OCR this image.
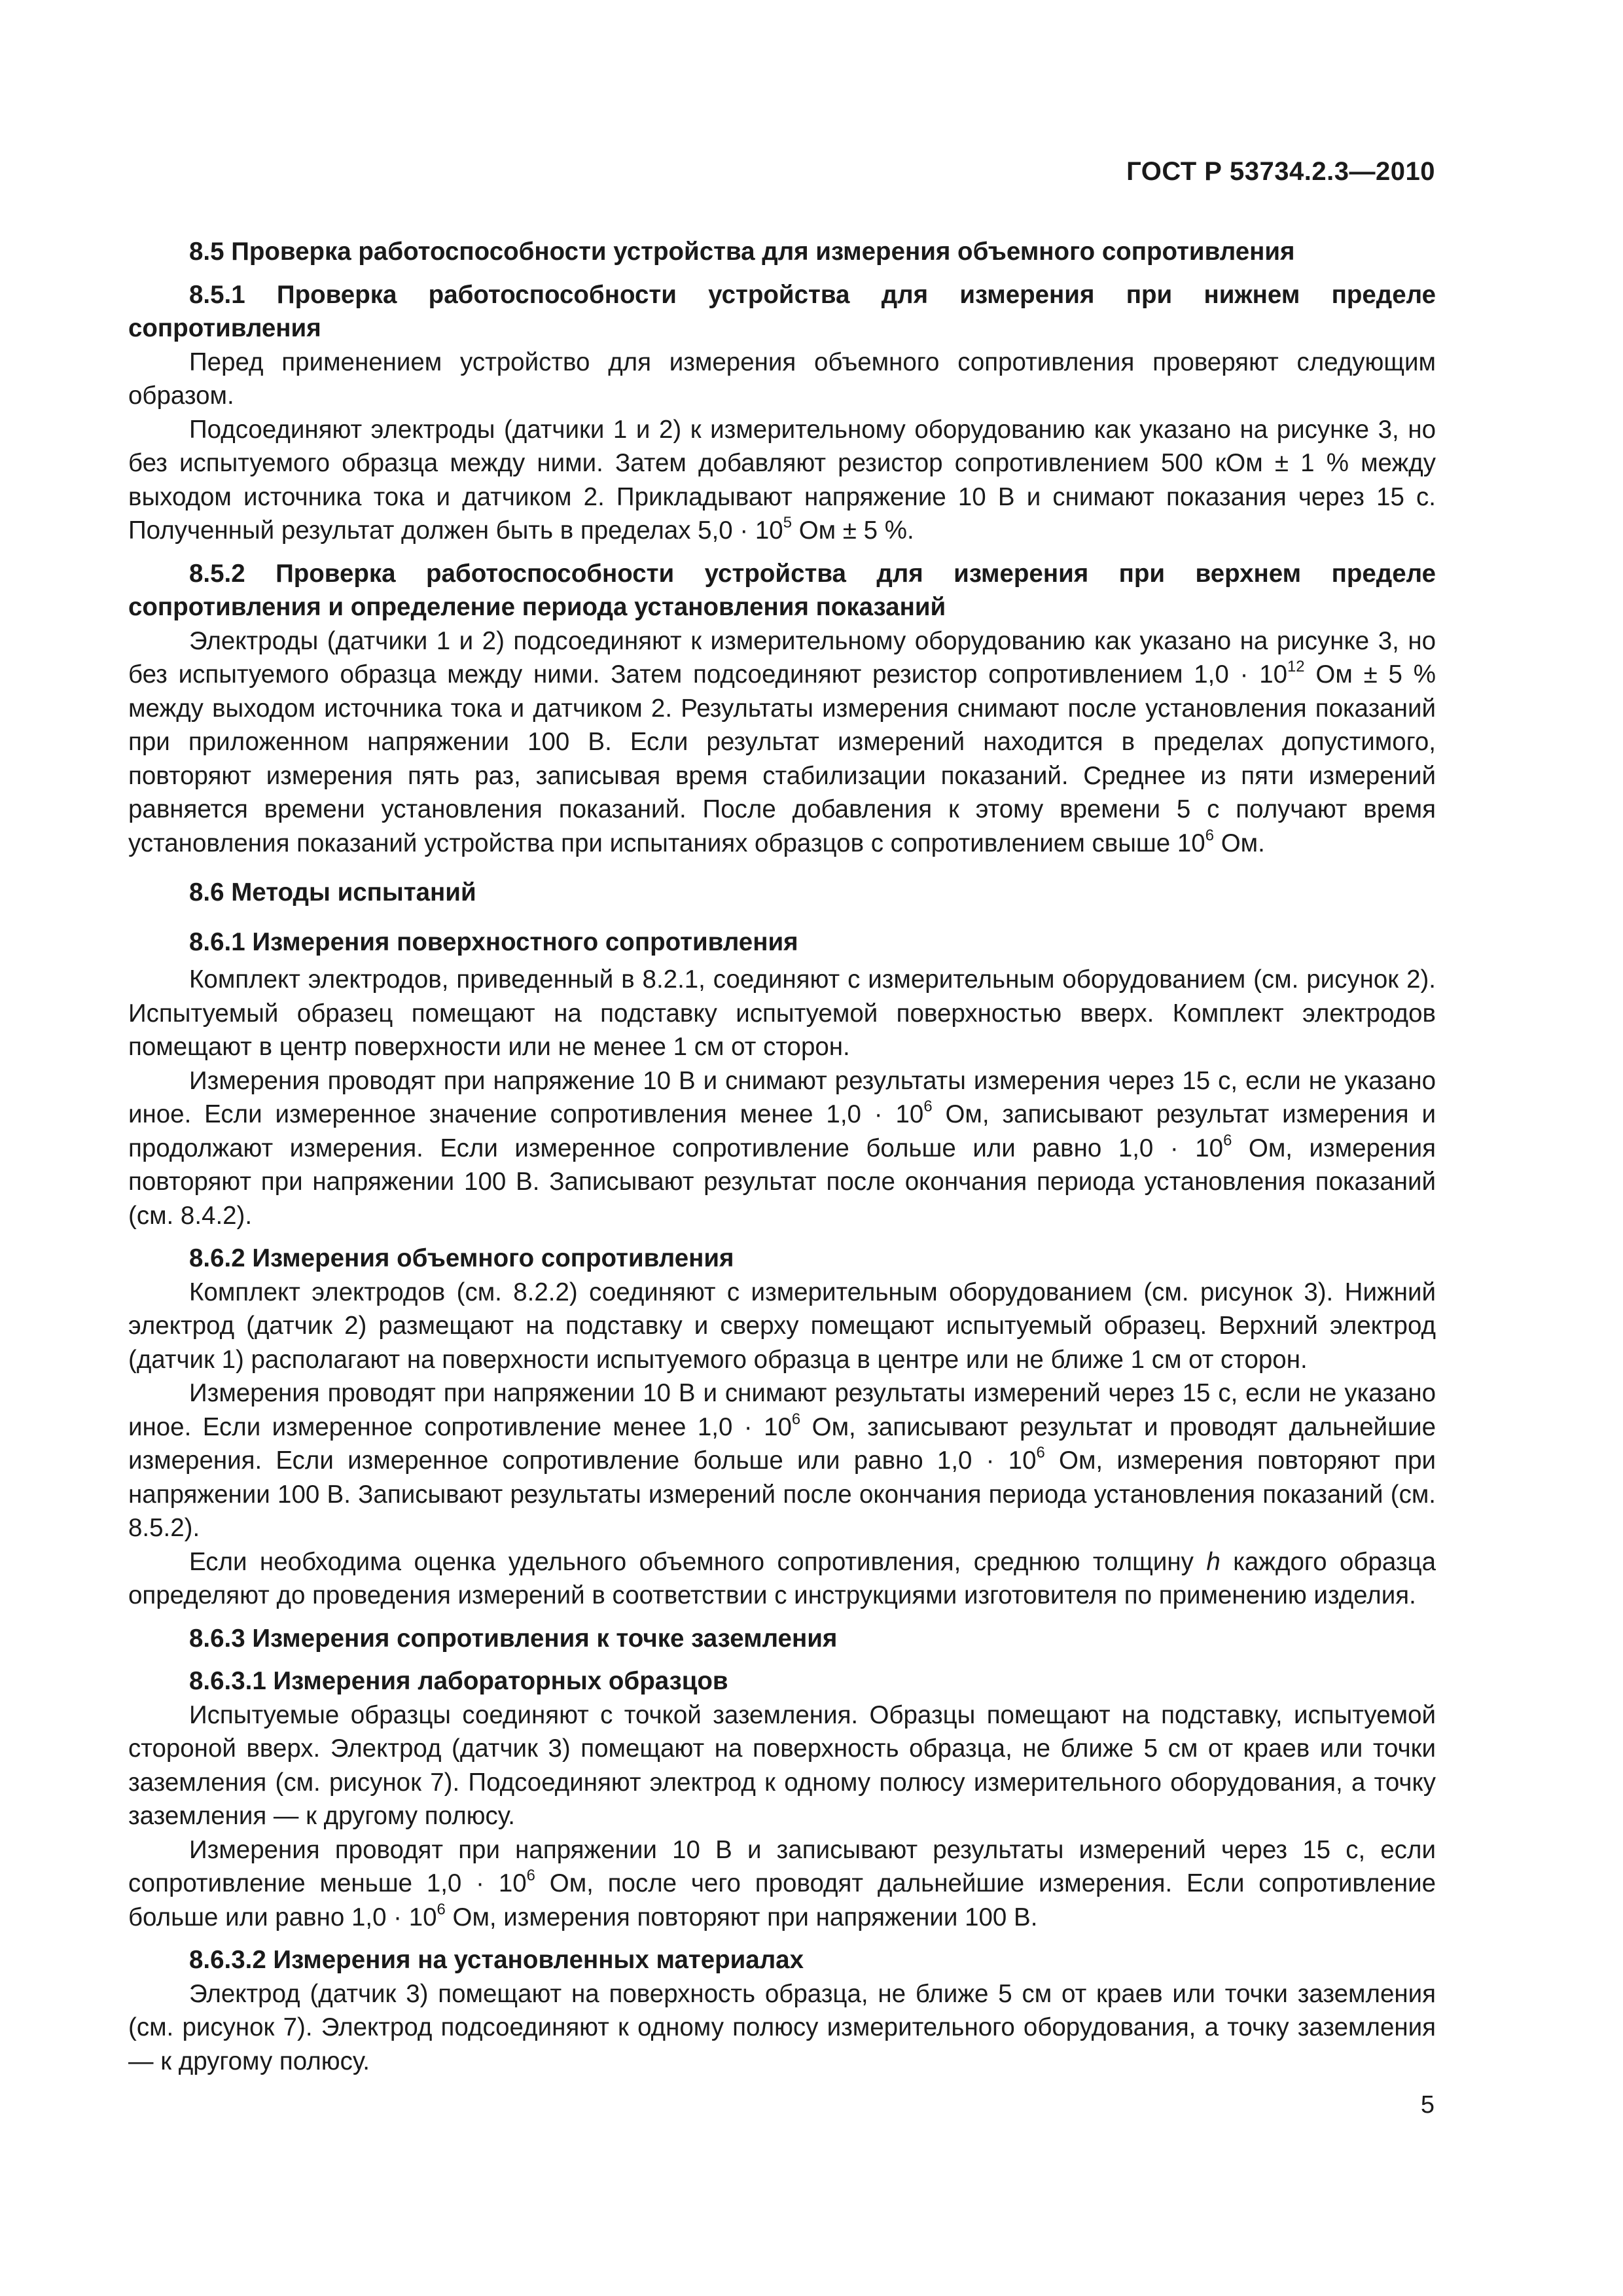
ГОСТ Р 53734.2.3—2010

8.5 Проверка работоспособности устройства для измерения объемного сопротивления

8.5.1 Проверка работоспособности устройства для измерения при нижнем пределе сопротивления

Перед применением устройство для измерения объемного сопротивления проверяют следующим образом.

Подсоединяют электроды (датчики 1 и 2) к измерительному оборудованию как указано на рисунке 3, но без испытуемого образца между ними. Затем добавляют резистор сопротивлением 500 кОм ± 1 % между выходом источника тока и датчиком 2. Прикладывают напряжение 10 В и снимают показания через 15 с. Полученный результат должен быть в пределах $5,0 \cdot 10^5$ Ом ± 5 %.

8.5.2 Проверка работоспособности устройства для измерения при верхнем пределе сопротивления и определение периода установления показаний

Электроды (датчики 1 и 2) подсоединяют к измерительному оборудованию как указано на рисунке 3, но без испытуемого образца между ними. Затем подсоединяют резистор сопротивлением $1,0 \cdot 10^{12}$ Ом ± 5 % между выходом источника тока и датчиком 2. Результаты измерения снимают после установления показаний при приложенном напряжении 100 В. Если результат измерений находится в пределах допустимого, повторяют измерения пять раз, записывая время стабилизации показаний. Среднее из пяти измерений равняется времени установления показаний. После добавления к этому времени 5 с получают время установления показаний устройства при испытаниях образцов с сопротивлением свыше $10^6$ Ом.

8.6 Методы испытаний

8.6.1 Измерения поверхностного сопротивления

Комплект электродов, приведенный в 8.2.1, соединяют с измерительным оборудованием (см. рисунок 2). Испытуемый образец помещают на подставку испытуемой поверхностью вверх. Комплект электродов помещают в центр поверхности или не менее 1 см от сторон.

Измерения проводят при напряжение 10 В и снимают результаты измерения через 15 с, если не указано иное. Если измеренное значение сопротивления менее $1,0 \cdot 10^6$ Ом, записывают результат измерения и продолжают измерения. Если измеренное сопротивление больше или равно $1,0 \cdot 10^6$ Ом, измерения повторяют при напряжении 100 В. Записывают результат после окончания периода установления показаний (см. 8.4.2).

8.6.2 Измерения объемного сопротивления

Комплект электродов (см. 8.2.2) соединяют с измерительным оборудованием (см. рисунок 3). Нижний электрод (датчик 2) размещают на подставку и сверху помещают испытуемый образец. Верхний электрод (датчик 1) располагают на поверхности испытуемого образца в центре или не ближе 1 см от сторон.

Измерения проводят при напряжении 10 В и снимают результаты измерений через 15 с, если не указано иное. Если измеренное сопротивление менее $1,0 \cdot 10^6$ Ом, записывают результат и проводят дальнейшие измерения. Если измеренное сопротивление больше или равно $1,0 \cdot 10^6$ Ом, измерения повторяют при напряжении 100 В. Записывают результаты измерений после окончания периода установления показаний (см. 8.5.2).

Если необходима оценка удельного объемного сопротивления, среднюю толщину h каждого образца определяют до проведения измерений в соответствии с инструкциями изготовителя по применению изделия.

8.6.3 Измерения сопротивления к точке заземления

8.6.3.1 Измерения лабораторных образцов

Испытуемые образцы соединяют с точкой заземления. Образцы помещают на подставку, испытуемой стороной вверх. Электрод (датчик 3) помещают на поверхность образца, не ближе 5 см от краев или точки заземления (см. рисунок 7). Подсоединяют электрод к одному полюсу измерительного оборудования, а точку заземления — к другому полюсу.

Измерения проводят при напряжении 10 В и записывают результаты измерений через 15 с, если сопротивление меньше $1,0 \cdot 10^6$ Ом, после чего проводят дальнейшие измерения. Если сопротивление больше или равно $1,0 \cdot 10^6$ Ом, измерения повторяют при напряжении 100 В.

8.6.3.2 Измерения на установленных материалах

Электрод (датчик 3) помещают на поверхность образца, не ближе 5 см от краев или точки заземления (см. рисунок 7). Электрод подсоединяют к одному полюсу измерительного оборудования, а точку заземления — к другому полюсу.

5
